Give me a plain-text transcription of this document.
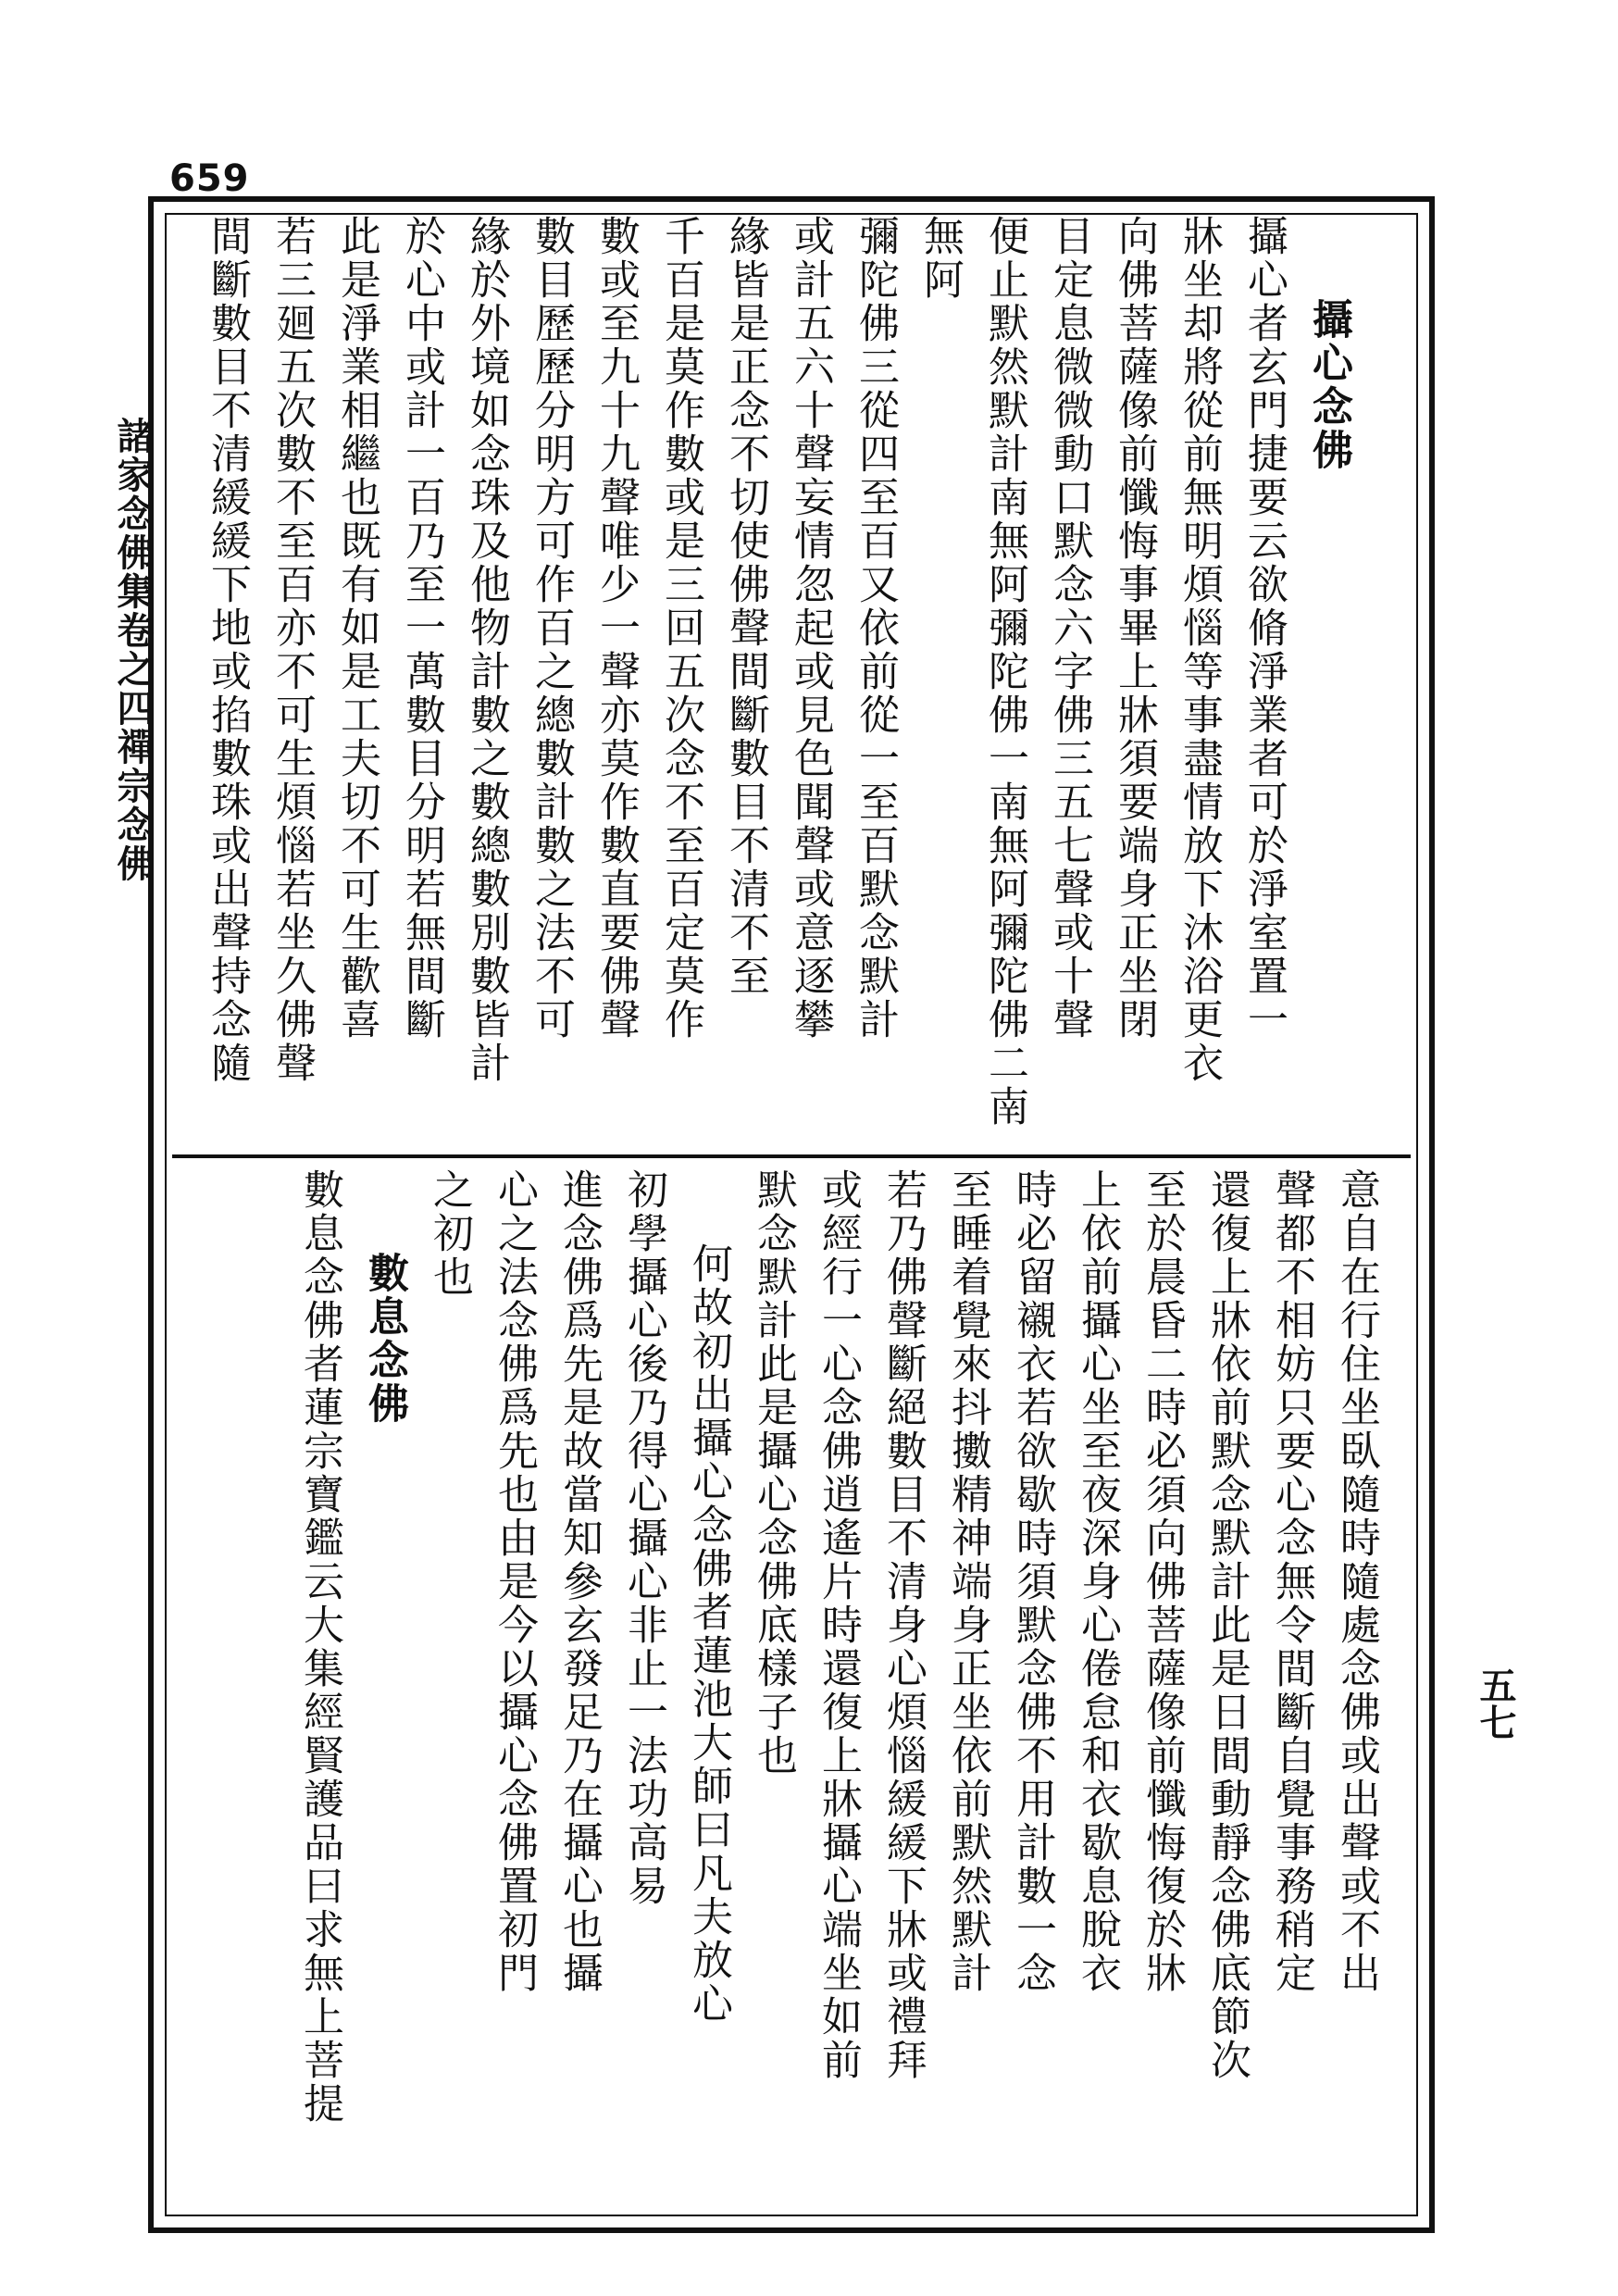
659
諸家念佛集卷之四禪宗念佛
五七
攝心念佛
攝心者玄門捷要云欲脩淨業者可於淨室置一
牀坐却將從前無明煩惱等事盡情放下沐浴更衣
向佛菩薩像前懺悔事畢上牀須要端身正坐閉
目定息微微動口默念六字佛三五七聲或十聲
便止默然默計南無阿彌陀佛一南無阿彌陀佛二南無阿
彌陀佛三從四至百又依前從一至百默念默計
或計五六十聲妄情忽起或見色聞聲或意逐攀
緣皆是正念不切使佛聲間斷數目不清不至
千百是莫作數或是三回五次念不至百定莫作
數或至九十九聲唯少一聲亦莫作數直要佛聲
數目歷歷分明方可作百之總數計數之法不可
緣於外境如念珠及他物計數之數總數別數皆計
於心中或計一百乃至一萬數目分明若無間斷
此是淨業相繼也既有如是工夫切不可生歡喜
若三廻五次數不至百亦不可生煩惱若坐久佛聲
間斷數目不清緩緩下地或掐數珠或出聲持念隨
意自在行住坐臥隨時隨處念佛或出聲或不出
聲都不相妨只要心念無令間斷自覺事務稍定
還復上牀依前默念默計此是日間動靜念佛底節次
至於晨昏二時必須向佛菩薩像前懺悔復於牀
上依前攝心坐至夜深身心倦怠和衣歇息脫衣
時必留襯衣若欲歇時須默念佛不用計數一念
至睡着覺來抖擻精神端身正坐依前默然默計
若乃佛聲斷絕數目不清身心煩惱緩緩下牀或禮拜
或經行一心念佛逍遙片時還復上牀攝心端坐如前
默念默計此是攝心念佛底樣子也
何故初出攝心念佛者蓮池大師曰凡夫放心
初學攝心後乃得心攝心非止一法功高易
進念佛爲先是故當知參玄發足乃在攝心也攝
心之法念佛爲先也由是今以攝心念佛置初門
之初也
數息念佛
數息念佛者蓮宗寶鑑云大集經賢護品曰求無上菩提
